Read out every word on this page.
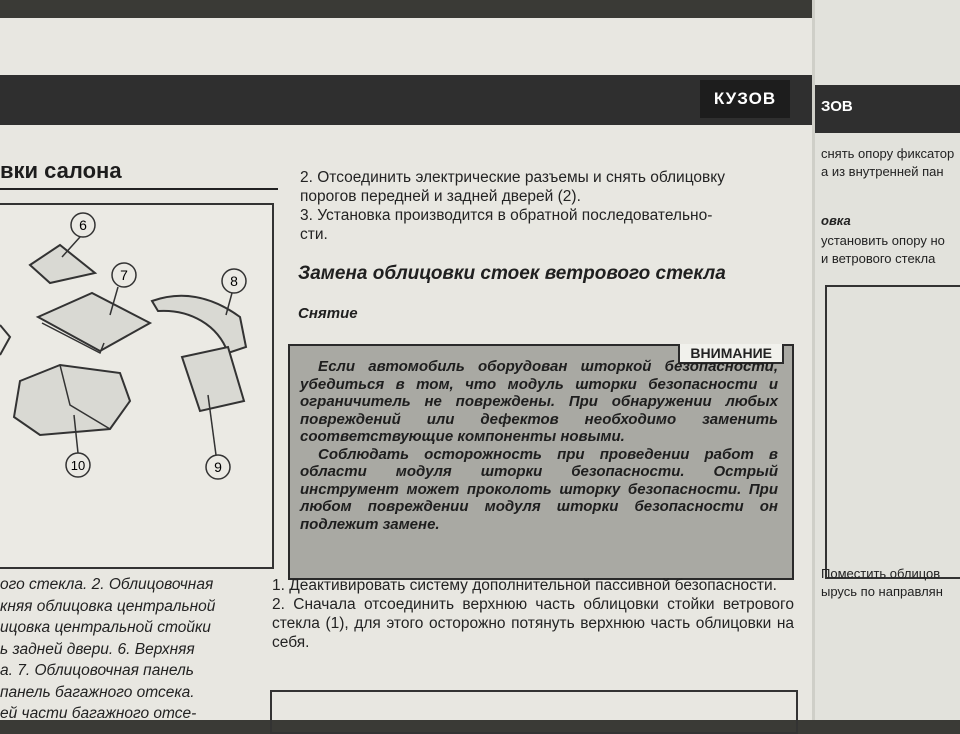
КУЗОВ
вки салона
6
7	8
10	9
ого стекла. 2. Облицовочная
княя облицовка центральной
ицовка центральной стойки
ь задней двери. 6. Верхняя
а. 7. Облицовочная панель
панель багажного отсека.
ей части багажного отсе-
2. Отсоединить электрические разъемы и снять облицовку
порогов передней и задней дверей (2).
3. Установка производится в обратной последовательно-
сти.
Замена облицовки стоек ветрового стекла
Снятие
ВНИМАНИЕ
Если автомобиль оборудован шторкой безопасности, убедиться в том, что модуль шторки безопасности и ограничитель не повреждены. При обнаружении любых повреждений или дефектов необходимо заменить соответствующие компоненты новыми.
Соблюдать осторожность при проведении работ в области модуля шторки безопасности. Острый инструмент может проколоть шторку безопасности. При любом повреждении модуля шторки безопасности он подлежит замене.
1. Деактивировать систему дополнительной пассивной безопасности.
2. Сначала отсоединить верхнюю часть облицовки стойки ветрового стекла (1), для этого осторожно потянуть верхнюю часть облицовки на себя.
ЗОВ
снять опору фиксатор
а из внутренней пан
овка
установить опору но
и ветрового стекла
Поместить облицов
ырусь по направлян
